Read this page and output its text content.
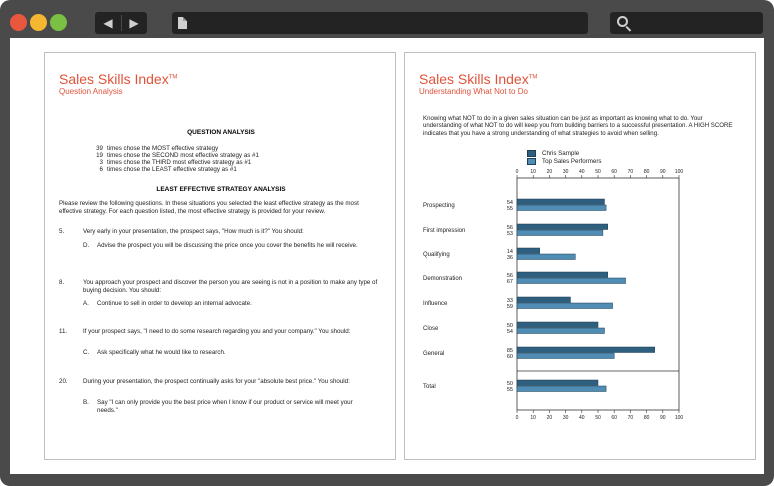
◀	▶
Sales Skills Index™
Question Analysis
QUESTION ANALYSIS
39 times chose the MOST effective strategy
19 times chose the SECOND most effective strategy as #1
3 times chose the THIRD most effective strategy as #1
6 times chose the LEAST effective strategy as #1
LEAST EFFECTIVE STRATEGY ANALYSIS
Please review the following questions. In these situations you selected the least effective strategy as the most effective strategy. For each question listed, the most effective strategy is provided for your review.
5.	Very early in your presentation, the prospect says, "How much is it?" You should:
D. Advise the prospect you will be discussing the price once you cover the benefits he will receive.
8.	You approach your prospect and discover the person you are seeing is not in a position to make any type of buying decision. You should:
A. Continue to sell in order to develop an internal advocate.
11.	If your prospect says, "I need to do some research regarding you and your company." You should:
C. Ask specifically what he would like to research.
20.	During your presentation, the prospect continually asks for your "absolute best price." You should:
B. Say "I can only provide you the best price when I know if our product or service will meet your needs."
Sales Skills Index™
Understanding What Not to Do
Knowing what NOT to do in a given sales situation can be just as important as knowing what to do. Your understanding of what NOT to do will keep you from building barriers to a successful presentation. A HIGH SCORE indicates that you have a strong understanding of what strategies to avoid when selling.
Chris Sample
Top Sales Performers
0
0
10
10
20
20
30
30
40
40
50
50
60
60
70
70
80
80
90
90
100
100
Prospecting
54
55
First impression
56
53
Qualifying
14
36
Demonstration
56
67
Influence
33
59
Close
50
54
General
85
60
Total
50
55
